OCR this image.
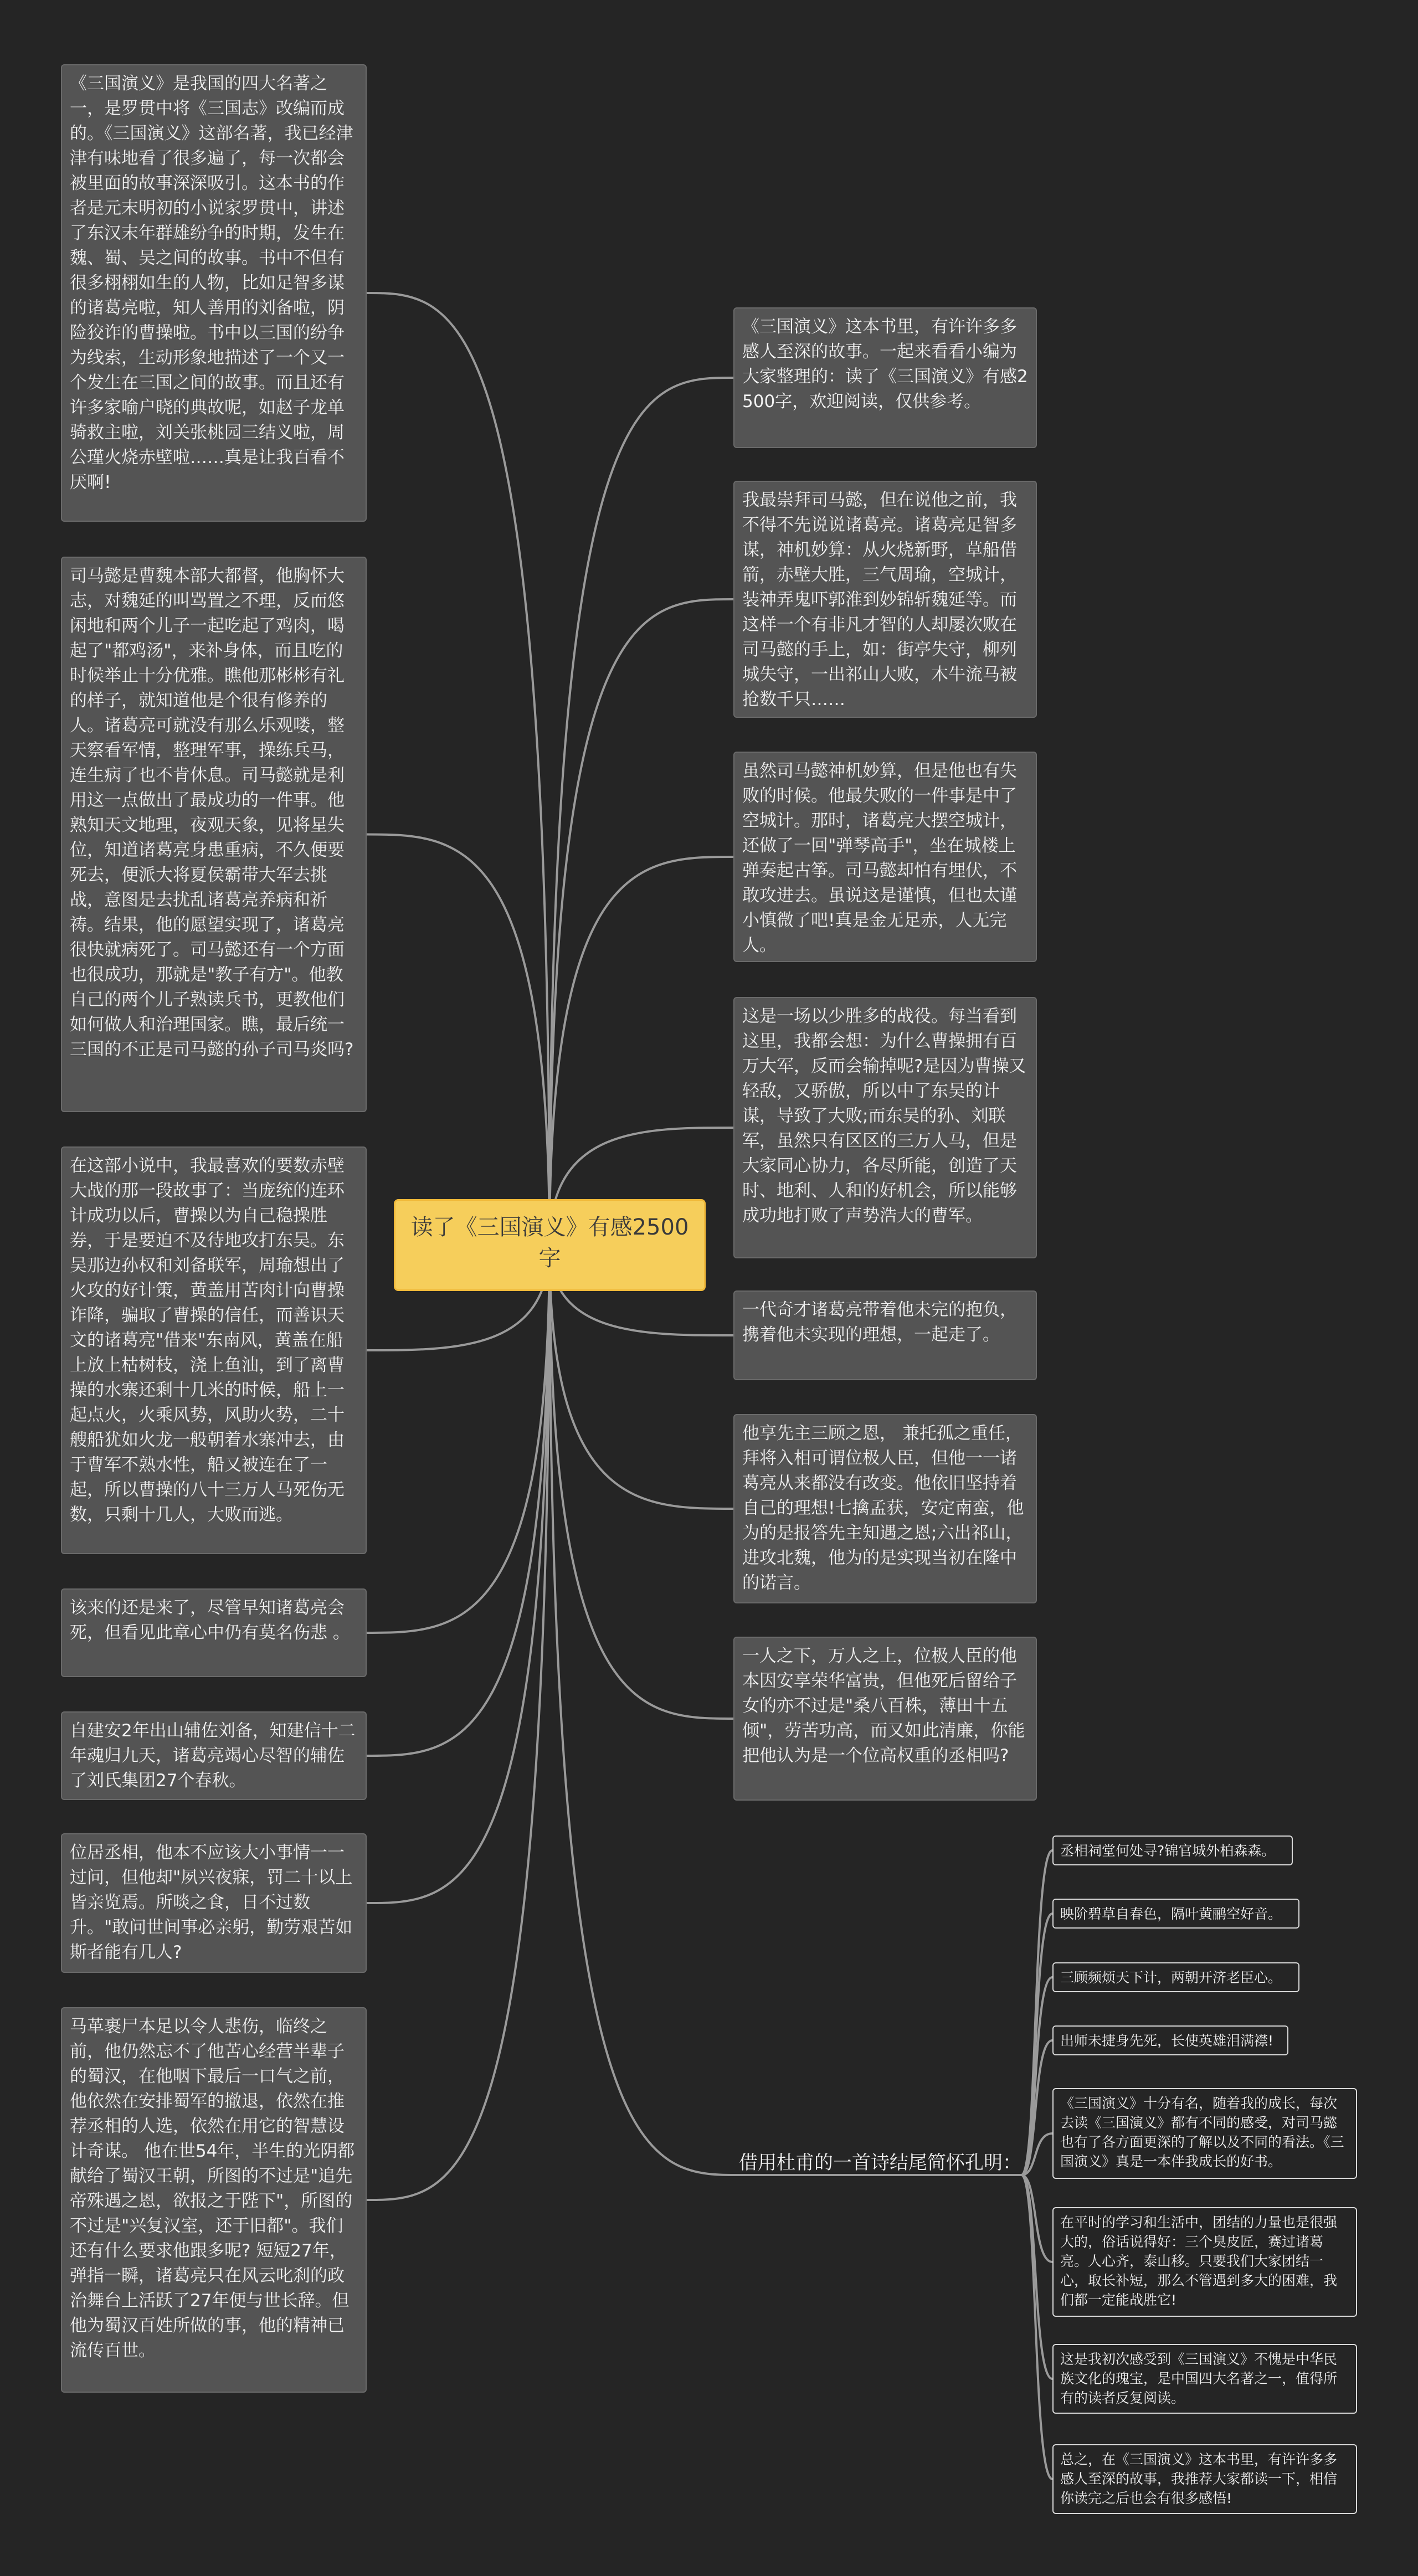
读了《三国演义》有感2500字
《三国演义》是我国的四大名著之一，是罗贯中将《三国志》改编而成的。《三国演义》这部名著，我已经津津有味地看了很多遍了，每一次都会被里面的故事深深吸引。这本书的作者是元末明初的小说家罗贯中，讲述了东汉末年群雄纷争的时期，发生在魏、蜀、吴之间的故事。书中不但有很多栩栩如生的人物，比如足智多谋的诸葛亮啦，知人善用的刘备啦，阴险狡诈的曹操啦。书中以三国的纷争为线索，生动形象地描述了一个又一个发生在三国之间的故事。而且还有许多家喻户晓的典故呢，如赵子龙单骑救主啦，刘关张桃园三结义啦，周公瑾火烧赤壁啦……真是让我百看不厌啊!
司马懿是曹魏本部大都督，他胸怀大志，对魏延的叫骂置之不理，反而悠闲地和两个儿子一起吃起了鸡肉，喝起了"都鸡汤"，来补身体，而且吃的时候举止十分优雅。瞧他那彬彬有礼的样子，就知道他是个很有修养的人。诸葛亮可就没有那么乐观喽，整天察看军情，整理军事，操练兵马，连生病了也不肯休息。司马懿就是利用这一点做出了最成功的一件事。他熟知天文地理，夜观天象，见将星失位，知道诸葛亮身患重病，不久便要死去，便派大将夏侯霸带大军去挑战，意图是去扰乱诸葛亮养病和祈祷。结果，他的愿望实现了，诸葛亮很快就病死了。司马懿还有一个方面也很成功，那就是"教子有方"。他教自己的两个儿子熟读兵书，更教他们如何做人和治理国家。瞧，最后统一三国的不正是司马懿的孙子司马炎吗?
在这部小说中，我最喜欢的要数赤壁大战的那一段故事了：当庞统的连环计成功以后，曹操以为自己稳操胜券，于是要迫不及待地攻打东吴。东吴那边孙权和刘备联军，周瑜想出了火攻的好计策，黄盖用苦肉计向曹操诈降，骗取了曹操的信任，而善识天文的诸葛亮"借来"东南风，黄盖在船上放上枯树枝，浇上鱼油，到了离曹操的水寨还剩十几米的时候，船上一起点火，火乘风势，风助火势，二十艘船犹如火龙一般朝着水寨冲去，由于曹军不熟水性，船又被连在了一起，所以曹操的八十三万人马死伤无数，只剩十几人，大败而逃。
该来的还是来了，尽管早知诸葛亮会死，但看见此章心中仍有莫名伤悲 。
自建安2年出山辅佐刘备，知建信十二年魂归九天，诸葛亮竭心尽智的辅佐了刘氏集团27个春秋。
位居丞相，他本不应该大小事情一一过问，但他却"夙兴夜寐，罚二十以上皆亲览焉。所啖之食，日不过数升。"敢问世间事必亲躬，勤劳艰苦如斯者能有几人?
马革裹尸本足以令人悲伤，临终之前，他仍然忘不了他苦心经营半辈子的蜀汉，在他咽下最后一口气之前，他依然在安排蜀军的撤退，依然在推荐丞相的人选，依然在用它的智慧设计奇谋。 他在世54年，半生的光阴都献给了蜀汉王朝，所图的不过是"追先帝殊遇之恩，欲报之于陛下"，所图的不过是"兴复汉室，还于旧都"。我们还有什么要求他跟多呢? 短短27年，弹指一瞬，诸葛亮只在风云叱刹的政治舞台上活跃了27年便与世长辞。但他为蜀汉百姓所做的事，他的精神已流传百世。
《三国演义》这本书里，有许许多多感人至深的故事。一起来看看小编为大家整理的：读了《三国演义》有感2500字，欢迎阅读，仅供参考。
我最崇拜司马懿，但在说他之前，我不得不先说说诸葛亮。诸葛亮足智多谋，神机妙算：从火烧新野，草船借箭，赤壁大胜，三气周瑜，空城计，装神弄鬼吓郭淮到妙锦斩魏延等。而这样一个有非凡才智的人却屡次败在司马懿的手上，如：街亭失守，柳列城失守，一出祁山大败，木牛流马被抢数千只……
虽然司马懿神机妙算，但是他也有失败的时候。他最失败的一件事是中了空城计。那时，诸葛亮大摆空城计，还做了一回"弹琴高手"，坐在城楼上弹奏起古筝。司马懿却怕有埋伏，不敢攻进去。虽说这是谨慎，但也太谨小慎微了吧!真是金无足赤，人无完人。
这是一场以少胜多的战役。每当看到这里，我都会想：为什么曹操拥有百万大军，反而会输掉呢?是因为曹操又轻敌，又骄傲，所以中了东吴的计谋，导致了大败;而东吴的孙、刘联军，虽然只有区区的三万人马，但是大家同心协力，各尽所能，创造了天时、地利、人和的好机会，所以能够成功地打败了声势浩大的曹军。
一代奇才诸葛亮带着他未完的抱负，携着他未实现的理想，一起走了。
他享先主三顾之恩， 兼托孤之重任，拜将入相可谓位极人臣，但他一一诸葛亮从来都没有改变。他依旧坚持着自己的理想!七擒孟获，安定南蛮，他为的是报答先主知遇之恩;六出祁山，进攻北魏，他为的是实现当初在隆中的诺言。
一人之下，万人之上，位极人臣的他本因安享荣华富贵，但他死后留给子女的亦不过是"桑八百株，薄田十五倾"，劳苦功高，而又如此清廉，你能把他认为是一个位高权重的丞相吗?
借用杜甫的一首诗结尾简怀孔明：
丞相祠堂何处寻?锦官城外柏森森。
映阶碧草自春色，隔叶黄鹂空好音。
三顾频烦天下计，两朝开济老臣心。
出师未捷身先死，长使英雄泪满襟!
《三国演义》十分有名，随着我的成长，每次去读《三国演义》都有不同的感受，对司马懿也有了各方面更深的了解以及不同的看法。《三国演义》真是一本伴我成长的好书。
在平时的学习和生活中，团结的力量也是很强大的，俗话说得好：三个臭皮匠，赛过诸葛亮。人心齐，泰山移。只要我们大家团结一心，取长补短，那么不管遇到多大的困难，我们都一定能战胜它!
这是我初次感受到《三国演义》不愧是中华民族文化的瑰宝，是中国四大名著之一，值得所有的读者反复阅读。
总之，在《三国演义》这本书里，有许许多多感人至深的故事，我推荐大家都读一下，相信你读完之后也会有很多感悟!
